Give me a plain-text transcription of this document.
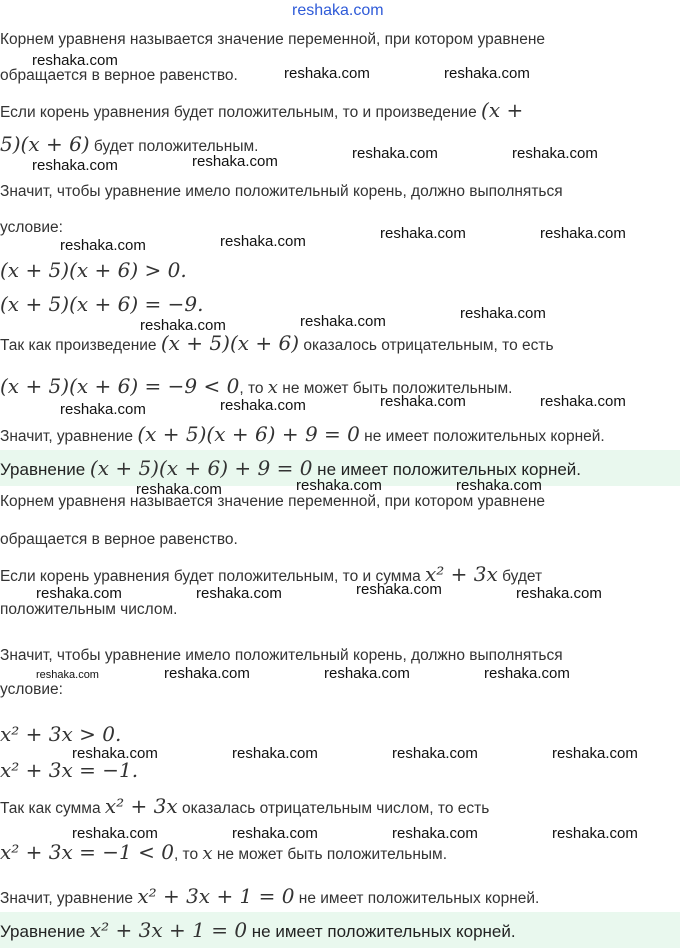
reshaka.com

Корнем уравненя называется значение переменной, при котором уравнене

обращается в верное равенство.

Если корень уравнения будет положительным, то и произведение (x +

5)(x + 6) будет положительным.

Значит, чтобы уравнение имело положительный корень, должно выполняться

условие:

(x + 5)(x + 6) > 0.

(x + 5)(x + 6) = −9.

Так как произведение (x + 5)(x + 6) оказалось отрицательным, то есть

(x + 5)(x + 6) = −9 < 0, то x не может быть положительным.

Значит, уравнение (x + 5)(x + 6) + 9 = 0 не имеет положительных корней.

Уравнение (x + 5)(x + 6) + 9 = 0 не имеет положительных корней.

Корнем уравненя называется значение переменной, при котором уравнене

обращается в верное равенство.

Если корень уравнения будет положительным, то и сумма x² + 3x будет

положительным числом.

Значит, чтобы уравнение имело положительный корень, должно выполняться

условие:

x² + 3x > 0.

x² + 3x = −1.

Так как сумма x² + 3x оказалась отрицательным числом, то есть

x² + 3x = −1 < 0, то x не может быть положительным.

Значит, уравнение x² + 3x + 1 = 0 не имеет положительных корней.

Уравнение x² + 3x + 1 = 0 не имеет положительных корней.

reshaka.com
reshaka.com	reshaka.com
reshaka.com	reshaka.com	reshaka.com	reshaka.com
reshaka.com	reshaka.com	reshaka.com	reshaka.com
reshaka.com	reshaka.com	reshaka.com
reshaka.com	reshaka.com	reshaka.com	reshaka.com
reshaka.com	reshaka.com	reshaka.com
reshaka.com	reshaka.com	reshaka.com	reshaka.com
reshaka.com	reshaka.com	reshaka.com	reshaka.com
reshaka.com	reshaka.com	reshaka.com	reshaka.com
reshaka.com	reshaka.com	reshaka.com	reshaka.com
